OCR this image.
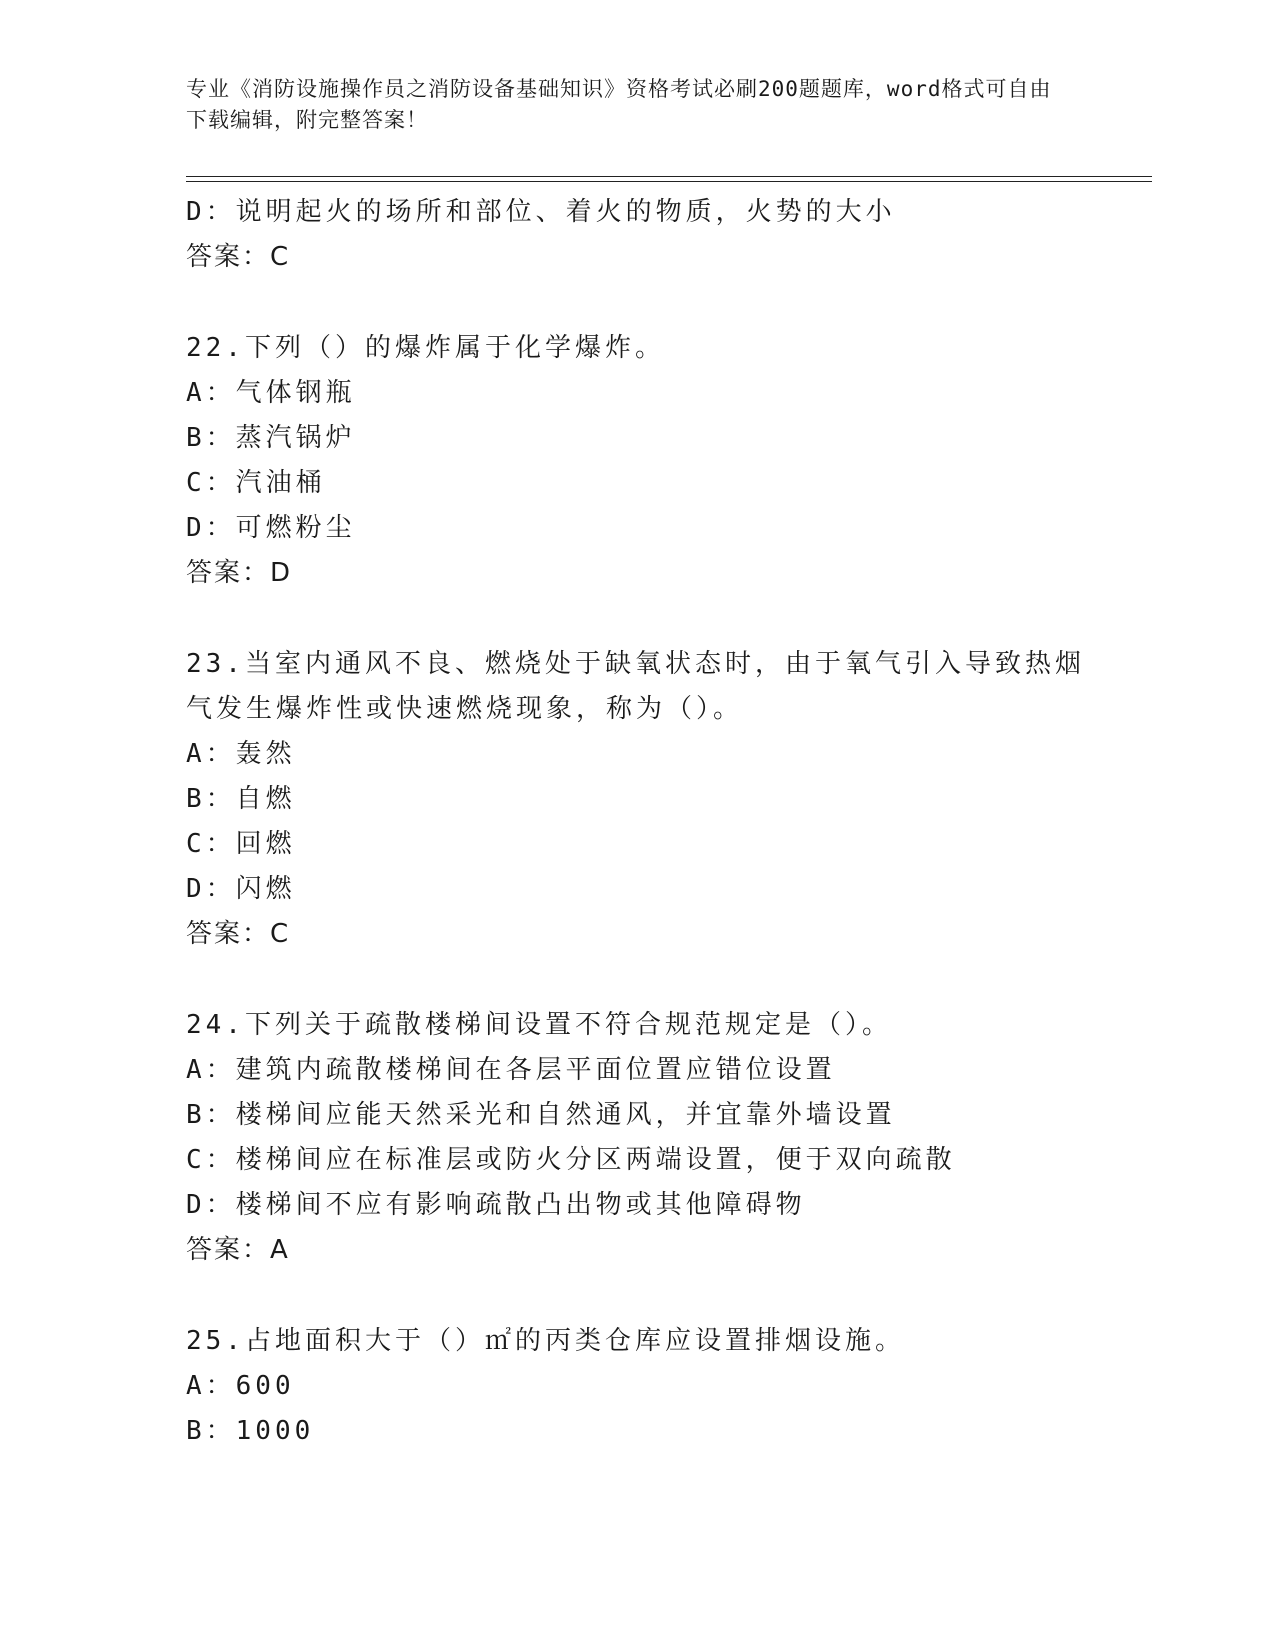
专业《消防设施操作员之消防设备基础知识》资格考试必刷200题题库，word格式可自由下载编辑，附完整答案！
D：说明起火的场所和部位、着火的物质，火势的大小
答案：C
22.下列（）的爆炸属于化学爆炸。
A：气体钢瓶
B：蒸汽锅炉
C：汽油桶
D：可燃粉尘
答案：D
23.当室内通风不良、燃烧处于缺氧状态时，由于氧气引入导致热烟气发生爆炸性或快速燃烧现象，称为（）。
A：轰然
B：自燃
C：回燃
D：闪燃
答案：C
24.下列关于疏散楼梯间设置不符合规范规定是（）。
A：建筑内疏散楼梯间在各层平面位置应错位设置
B：楼梯间应能天然采光和自然通风，并宜靠外墙设置
C：楼梯间应在标准层或防火分区两端设置，便于双向疏散
D：楼梯间不应有影响疏散凸出物或其他障碍物
答案：A
25.占地面积大于（）㎡的丙类仓库应设置排烟设施。
A：600
B：1000
